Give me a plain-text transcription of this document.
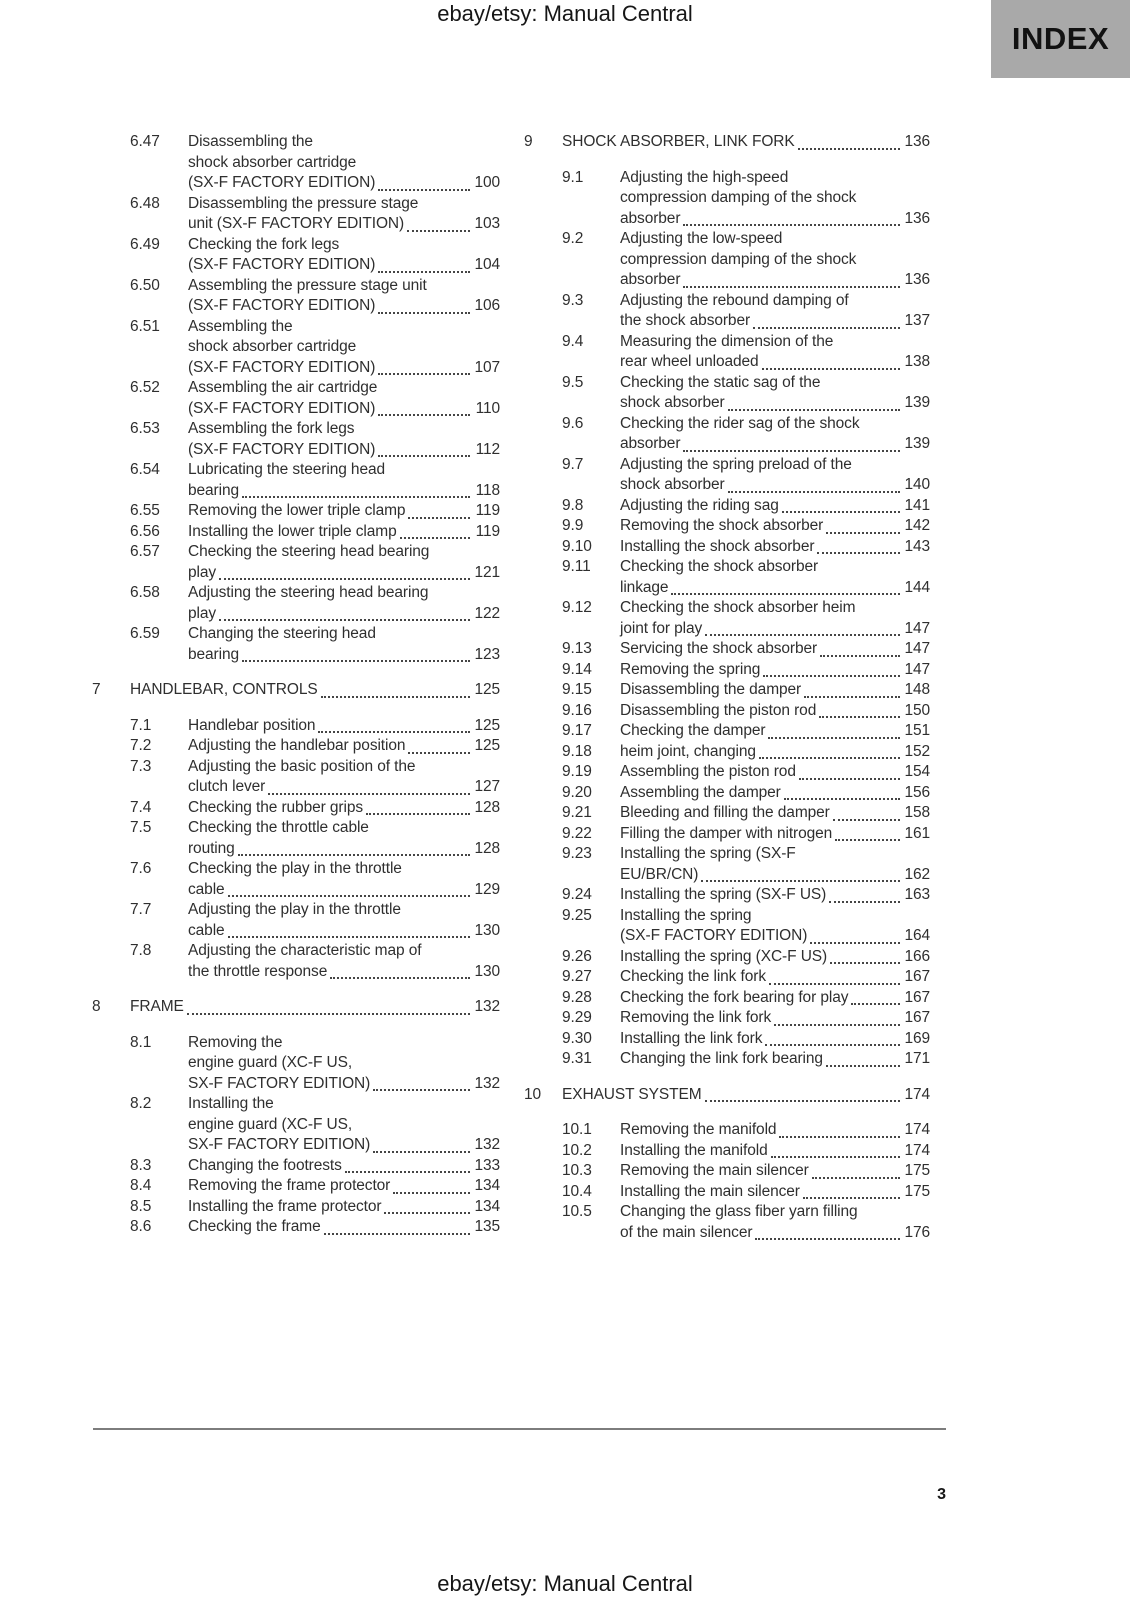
ebay/etsy: Manual Central
INDEX
6.47	Disassembling the
shock absorber cartridge
(SX-F FACTORY EDITION)	100
6.48	Disassembling the pressure stage
unit (SX-F FACTORY EDITION)	103
6.49	Checking the fork legs
(SX-F FACTORY EDITION)	104
6.50	Assembling the pressure stage unit
(SX-F FACTORY EDITION)	106
6.51	Assembling the
shock absorber cartridge
(SX-F FACTORY EDITION)	107
6.52	Assembling the air cartridge
(SX-F FACTORY EDITION)	110
6.53	Assembling the fork legs
(SX-F FACTORY EDITION)	112
6.54	Lubricating the steering head
bearing	118
6.55	Removing the lower triple clamp	119
6.56	Installing the lower triple clamp	119
6.57	Checking the steering head bearing
play	121
6.58	Adjusting the steering head bearing
play	122
6.59	Changing the steering head
bearing	123
7	HANDLEBAR, CONTROLS	125
7.1	Handlebar position	125
7.2	Adjusting the handlebar position	125
7.3	Adjusting the basic position of the
clutch lever	127
7.4	Checking the rubber grips	128
7.5	Checking the throttle cable
routing	128
7.6	Checking the play in the throttle
cable	129
7.7	Adjusting the play in the throttle
cable	130
7.8	Adjusting the characteristic map of
the throttle response	130
8	FRAME	132
8.1	Removing the
engine guard (XC-F US,
SX-F FACTORY EDITION)	132
8.2	Installing the
engine guard (XC-F US,
SX-F FACTORY EDITION)	132
8.3	Changing the footrests	133
8.4	Removing the frame protector	134
8.5	Installing the frame protector	134
8.6	Checking the frame	135
9	SHOCK ABSORBER, LINK FORK	136
9.1	Adjusting the high-speed
compression damping of the shock
absorber	136
9.2	Adjusting the low-speed
compression damping of the shock
absorber	136
9.3	Adjusting the rebound damping of
the shock absorber	137
9.4	Measuring the dimension of the
rear wheel unloaded	138
9.5	Checking the static sag of the
shock absorber	139
9.6	Checking the rider sag of the shock
absorber	139
9.7	Adjusting the spring preload of the
shock absorber	140
9.8	Adjusting the riding sag	141
9.9	Removing the shock absorber	142
9.10	Installing the shock absorber	143
9.11	Checking the shock absorber
linkage	144
9.12	Checking the shock absorber heim
joint for play	147
9.13	Servicing the shock absorber	147
9.14	Removing the spring	147
9.15	Disassembling the damper	148
9.16	Disassembling the piston rod	150
9.17	Checking the damper	151
9.18	heim joint, changing	152
9.19	Assembling the piston rod	154
9.20	Assembling the damper	156
9.21	Bleeding and filling the damper	158
9.22	Filling the damper with nitrogen	161
9.23	Installing the spring (SX-F
EU/BR/CN)	162
9.24	Installing the spring (SX-F US)	163
9.25	Installing the spring
(SX-F FACTORY EDITION)	164
9.26	Installing the spring (XC-F US)	166
9.27	Checking the link fork	167
9.28	Checking the fork bearing for play	167
9.29	Removing the link fork	167
9.30	Installing the link fork	169
9.31	Changing the link fork bearing	171
10	EXHAUST SYSTEM	174
10.1	Removing the manifold	174
10.2	Installing the manifold	174
10.3	Removing the main silencer	175
10.4	Installing the main silencer	175
10.5	Changing the glass fiber yarn filling
of the main silencer	176
3
ebay/etsy: Manual Central
